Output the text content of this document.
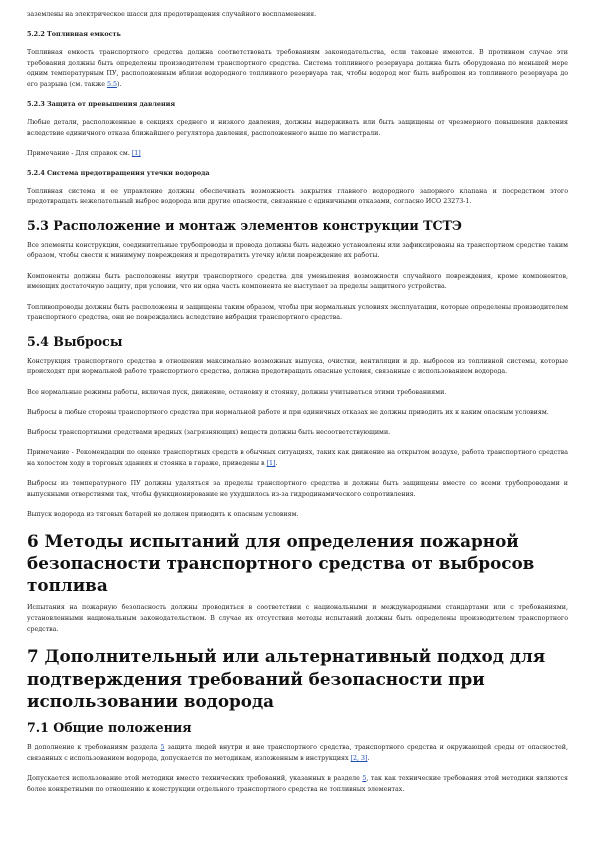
заземлены на электрическое шасси для предотвращения случайного воспламенения.

5.2.2 Топливная емкость

Топливная емкость транспортного средства должна соответствовать требованиям законодательства, если таковые имеются. В противном случае эти требования должны быть определены производителем транспортного средства. Система топливного резервуара должна быть оборудована по меньшей мере одним температурным ПУ, расположенным вблизи водородного топливного резервуара так, чтобы водород мог быть выброшен из топливного резервуара до его разрыва (см. также 5.5).

5.2.3 Защита от превышения давления

Любые детали, расположенные в секциях среднего и низкого давления, должны выдерживать или быть защищены от чрезмерного повышения давления вследствие единичного отказа ближайшего регулятора давления, расположенного выше по магистрали.

Примечание - Для справок см. [1]

5.2.4 Система предотвращения утечки водорода

Топливная система и ее управление должны обеспечивать возможность закрытия главного водородного запорного клапана и посредством этого предотвращать нежелательный выброс водорода или другие опасности, связанные с единичными отказами, согласно ИСО 23273-1.

5.3 Расположение и монтаж элементов конструкции ТСТЭ

Все элементы конструкции, соединительные трубопроводы и провода должны быть надежно установлены или зафиксированы на транспортном средстве таким образом, чтобы свести к минимуму повреждения и предотвратить утечку и/или повреждение их работы.

Компоненты должны быть расположены внутри транспортного средства для уменьшения возможности случайного повреждения, кроме компонентов, имеющих достаточную защиту, при условии, что ни одна часть компонента не выступает за пределы защитного устройства.

Топливопроводы должны быть расположены и защищены таким образом, чтобы при нормальных условиях эксплуатации, которые определены производителем транспортного средства, они не повреждались вследствие вибрации транспортного средства.

5.4 Выбросы

Конструкция транспортного средства в отношении максимально возможных выпуска, очистки, вентиляции и др. выбросов из топливной системы, которые происходят при нормальной работе транспортного средства, должна предотвращать опасные условия, связанные с использованием водорода.

Все нормальные режимы работы, включая пуск, движение, остановку и стоянку, должны учитываться этими требованиями.

Выбросы в любые стороны транспортного средства при нормальной работе и при единичных отказах не должны приводить их к каким опасным условиям.

Выбросы транспортными средствами вредных (загрязняющих) веществ должны быть несоответствующими.

Примечание - Рекомендации по оценке транспортных средств в обычных ситуациях, таких как движение на открытом воздухе, работа транспортного средства на холостом ходу в торговых зданиях и стоянка в гараже, приведены в [1].

Выбросы из температурного ПУ должны удаляться за пределы транспортного средства и должны быть защищены вместе со всеми трубопроводами и выпускными отверстиями так, чтобы функционирование не ухудшилось из-за гидродинамического сопротивления.

Выпуск водорода из тяговых батарей не должен приводить к опасным условиям.

6 Методы испытаний для определения пожарной безопасности транспортного средства от выбросов топлива

Испытания на пожарную безопасность должны проводиться в соответствии с национальными и международными стандартами или с требованиями, установленными национальным законодательством. В случае их отсутствия методы испытаний должны быть определены производителем транспортного средства.

7 Дополнительный или альтернативный подход для подтверждения требований безопасности при использовании водорода
7.1 Общие положения

В дополнение к требованиям раздела 5 защита людей внутри и вне транспортного средства, транспортного средства и окружающей среды от опасностей, связанных с использованием водорода, допускается по методикам, изложенным в инструкциях [2, 3].

Допускается использование этой методики вместо технических требований, указанных в разделе 5, так как технические требования этой методики являются более конкретными по отношению к конструкции отдельного транспортного средства не топливных элементах.
